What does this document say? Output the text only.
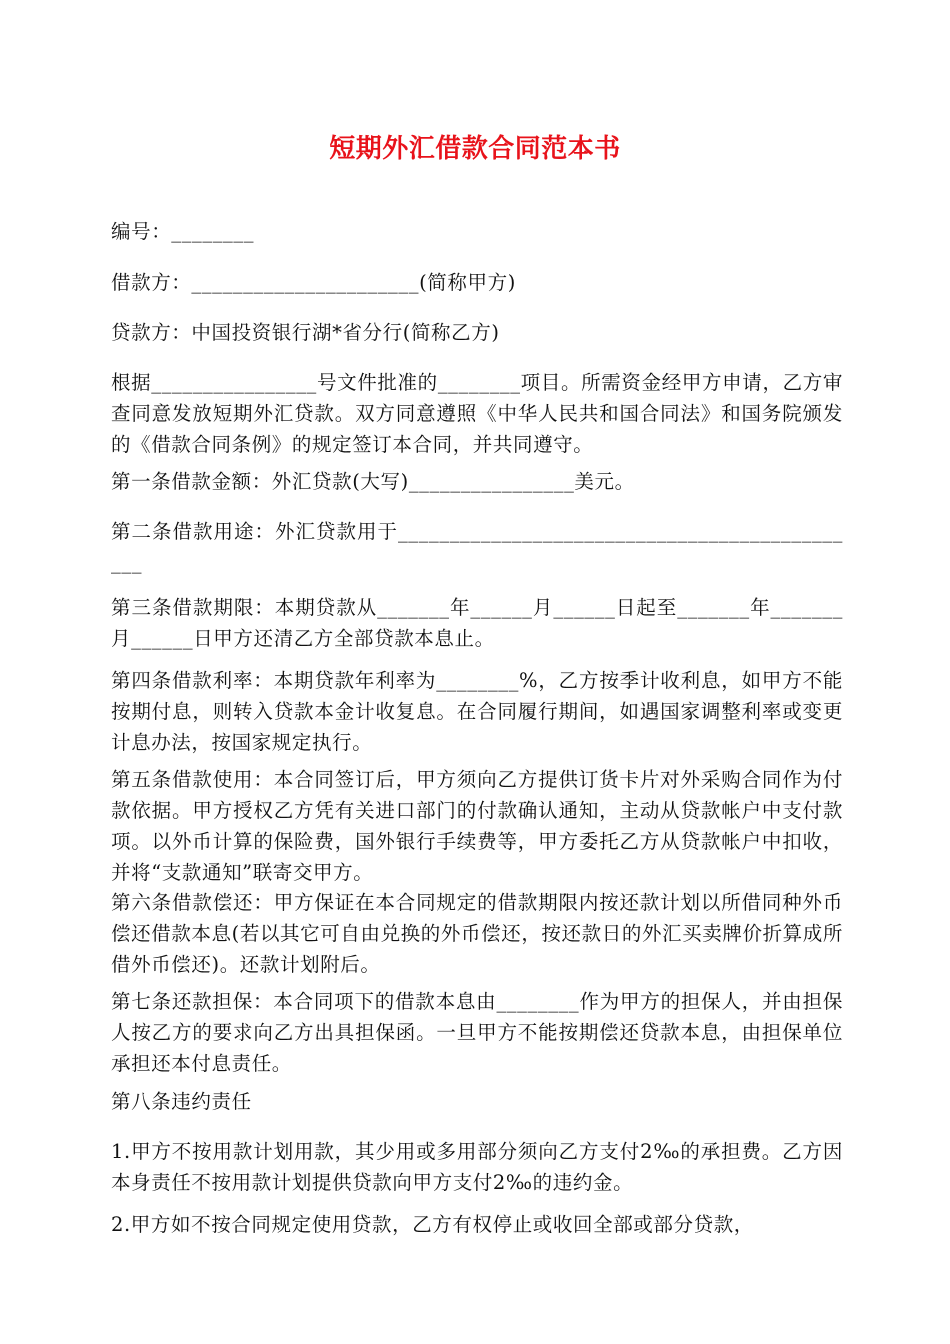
短期外汇借款合同范本书
编号：________
借款方：______________________(简称甲方)
贷款方：中国投资银行湖*省分行(简称乙方)
根据________________号文件批准的________项目。所需资金经甲方申请，乙方审查同意发放短期外汇贷款。双方同意遵照《中华人民共和国合同法》和国务院颁发的《借款合同条例》的规定签订本合同，并共同遵守。
第一条借款金额：外汇贷款(大写)________________美元。
第二条借款用途：外汇贷款用于______________________________________________
第三条借款期限：本期贷款从_______年______月______日起至_______年_______月______日甲方还清乙方全部贷款本息止。
第四条借款利率：本期贷款年利率为________%，乙方按季计收利息，如甲方不能按期付息，则转入贷款本金计收复息。在合同履行期间，如遇国家调整利率或变更计息办法，按国家规定执行。
第五条借款使用：本合同签订后，甲方须向乙方提供订货卡片对外采购合同作为付款依据。甲方授权乙方凭有关进口部门的付款确认通知，主动从贷款帐户中支付款项。以外币计算的保险费，国外银行手续费等，甲方委托乙方从贷款帐户中扣收，并将“支款通知”联寄交甲方。
第六条借款偿还：甲方保证在本合同规定的借款期限内按还款计划以所借同种外币偿还借款本息(若以其它可自由兑换的外币偿还，按还款日的外汇买卖牌价折算成所借外币偿还)。还款计划附后。
第七条还款担保：本合同项下的借款本息由________作为甲方的担保人，并由担保人按乙方的要求向乙方出具担保函。一旦甲方不能按期偿还贷款本息，由担保单位承担还本付息责任。
第八条违约责任
1.甲方不按用款计划用款，其少用或多用部分须向乙方支付2‰的承担费。乙方因本身责任不按用款计划提供贷款向甲方支付2‰的违约金。
2.甲方如不按合同规定使用贷款，乙方有权停止或收回全部或部分贷款，
